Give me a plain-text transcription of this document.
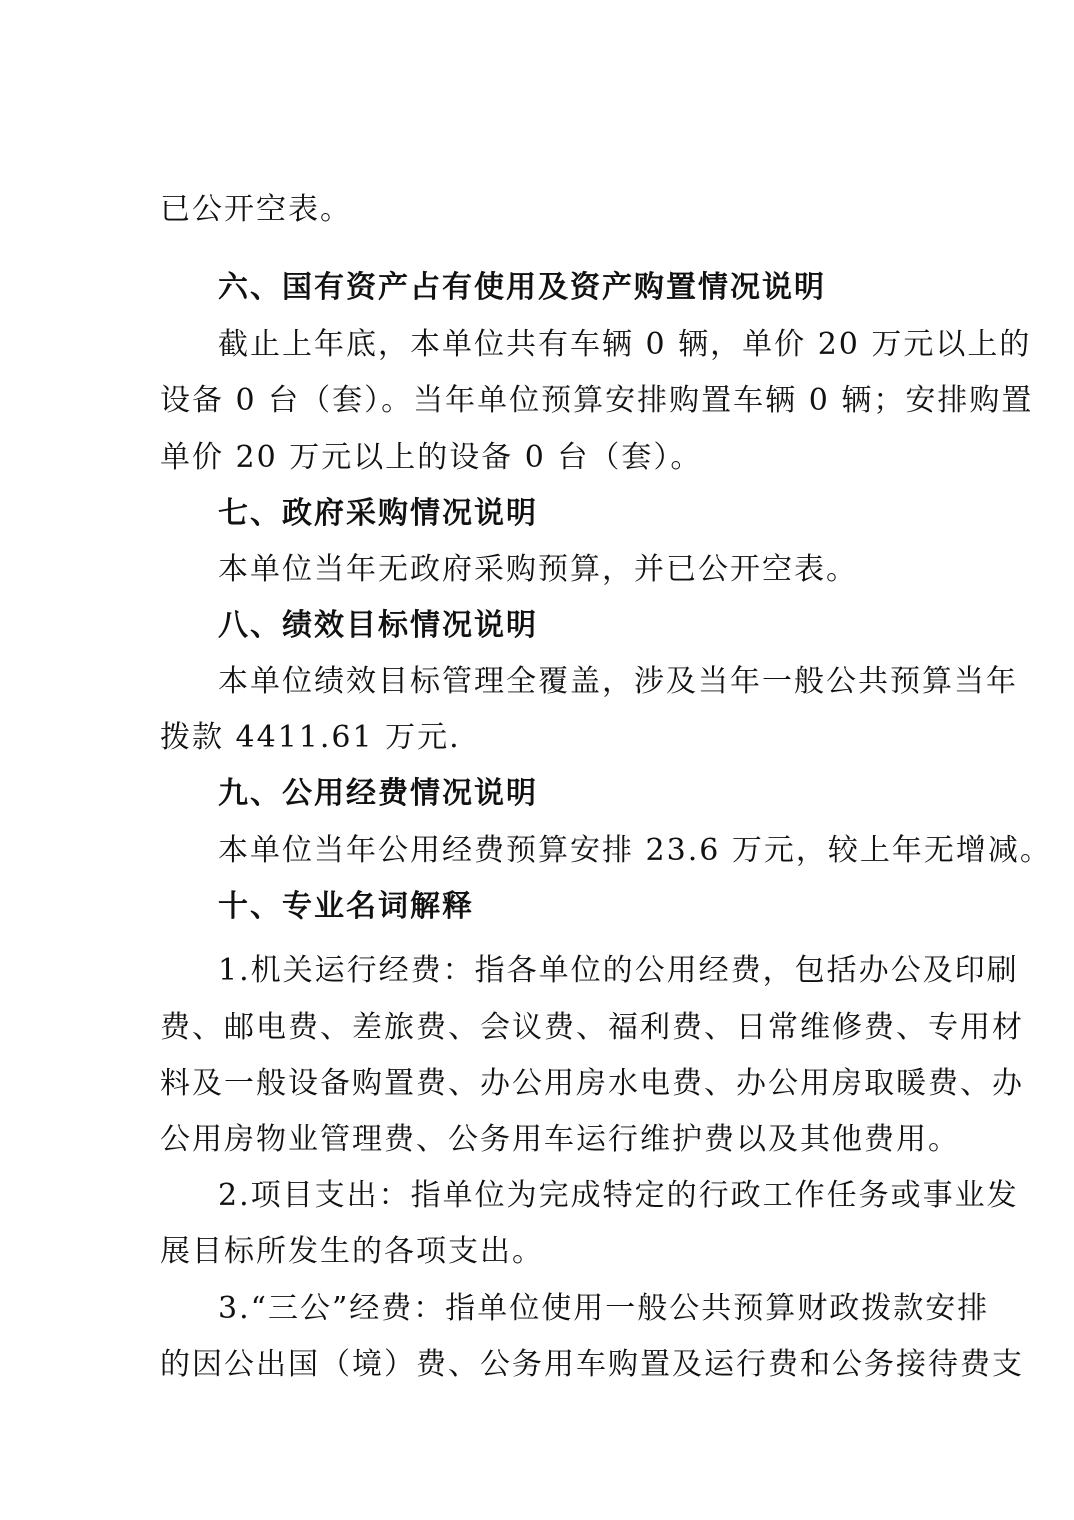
已公开空表。
六、国有资产占有使用及资产购置情况说明
截止上年底，本单位共有车辆 0 辆，单价 20 万元以上的
设备 0 台（套）。当年单位预算安排购置车辆 0 辆；安排购置
单价 20 万元以上的设备 0 台（套）。
七、政府采购情况说明
本单位当年无政府采购预算，并已公开空表。
八、绩效目标情况说明
本单位绩效目标管理全覆盖，涉及当年一般公共预算当年
拨款 4411.61 万元.
九、公用经费情况说明
本单位当年公用经费预算安排 23.6 万元，较上年无增减。
十、专业名词解释
1.机关运行经费：指各单位的公用经费，包括办公及印刷
费、邮电费、差旅费、会议费、福利费、日常维修费、专用材
料及一般设备购置费、办公用房水电费、办公用房取暖费、办
公用房物业管理费、公务用车运行维护费以及其他费用。
2.项目支出：指单位为完成特定的行政工作任务或事业发
展目标所发生的各项支出。
3.“三公”经费：指单位使用一般公共预算财政拨款安排
的因公出国（境）费、公务用车购置及运行费和公务接待费支
